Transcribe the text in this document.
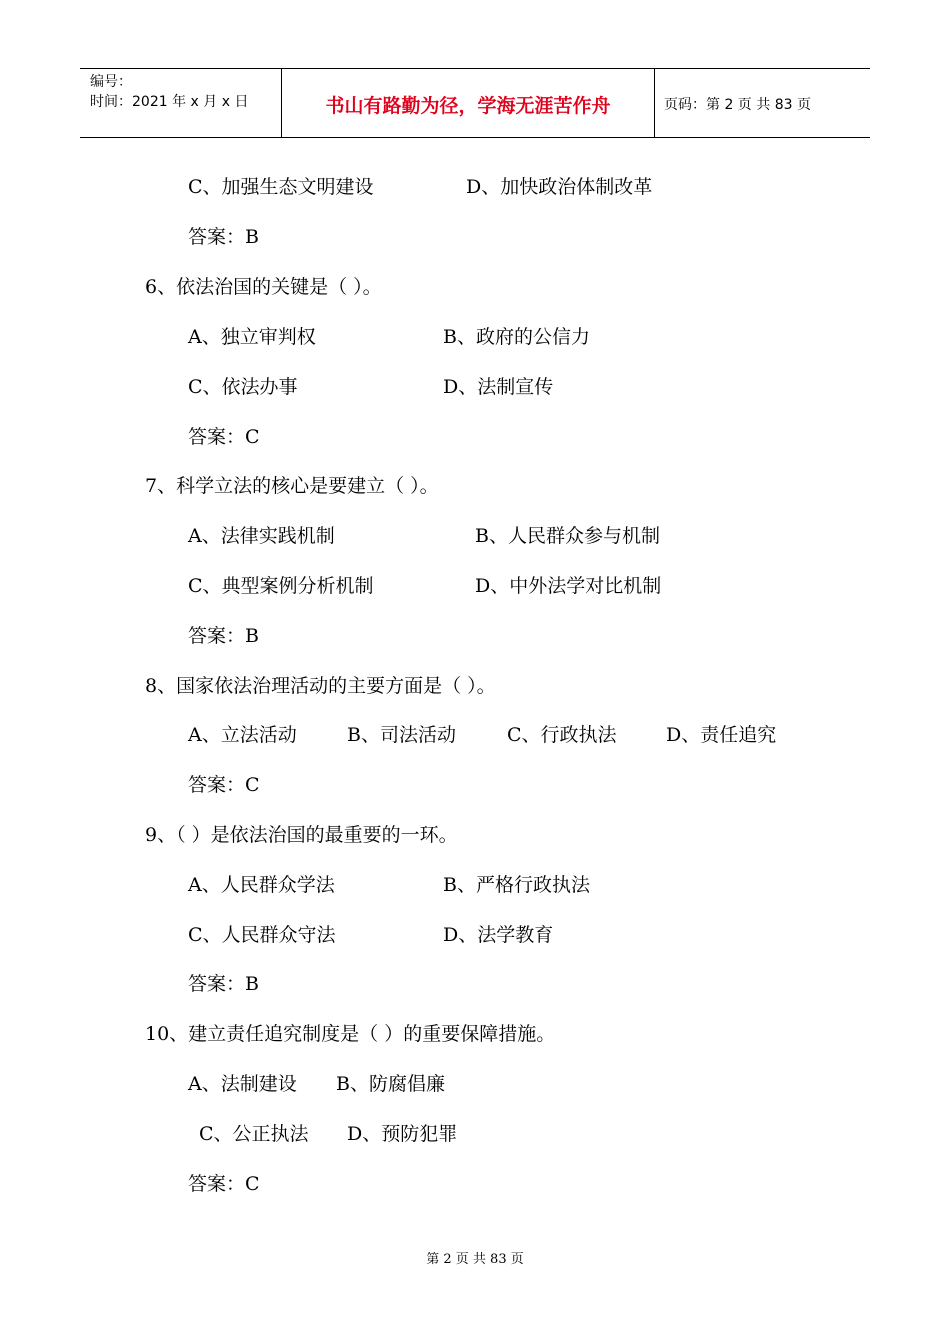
编号：
时间：2021 年 x 月 x 日	书山有路勤为径，学海无涯苦作舟	页码：第 2 页 共 83 页
C、加强生态文明建设	D、加快政治体制改革
答案：B
6、依法治国的关键是（ ）。
A、独立审判权	B、政府的公信力
C、依法办事	D、法制宣传
答案：C
7、科学立法的核心是要建立（ ）。
A、法律实践机制	B、人民群众参与机制
C、典型案例分析机制	D、中外法学对比机制
答案：B
8、国家依法治理活动的主要方面是（ ）。
A、立法活动	B、司法活动	C、行政执法	D、责任追究
答案：C
9、（ ）是依法治国的最重要的一环。
A、人民群众学法	B、严格行政执法
C、人民群众守法	D、法学教育
答案：B
10、建立责任追究制度是（ ）的重要保障措施。
A、法制建设 B、防腐倡廉
C、公正执法 D、预防犯罪
答案：C
第 2 页 共 83 页
